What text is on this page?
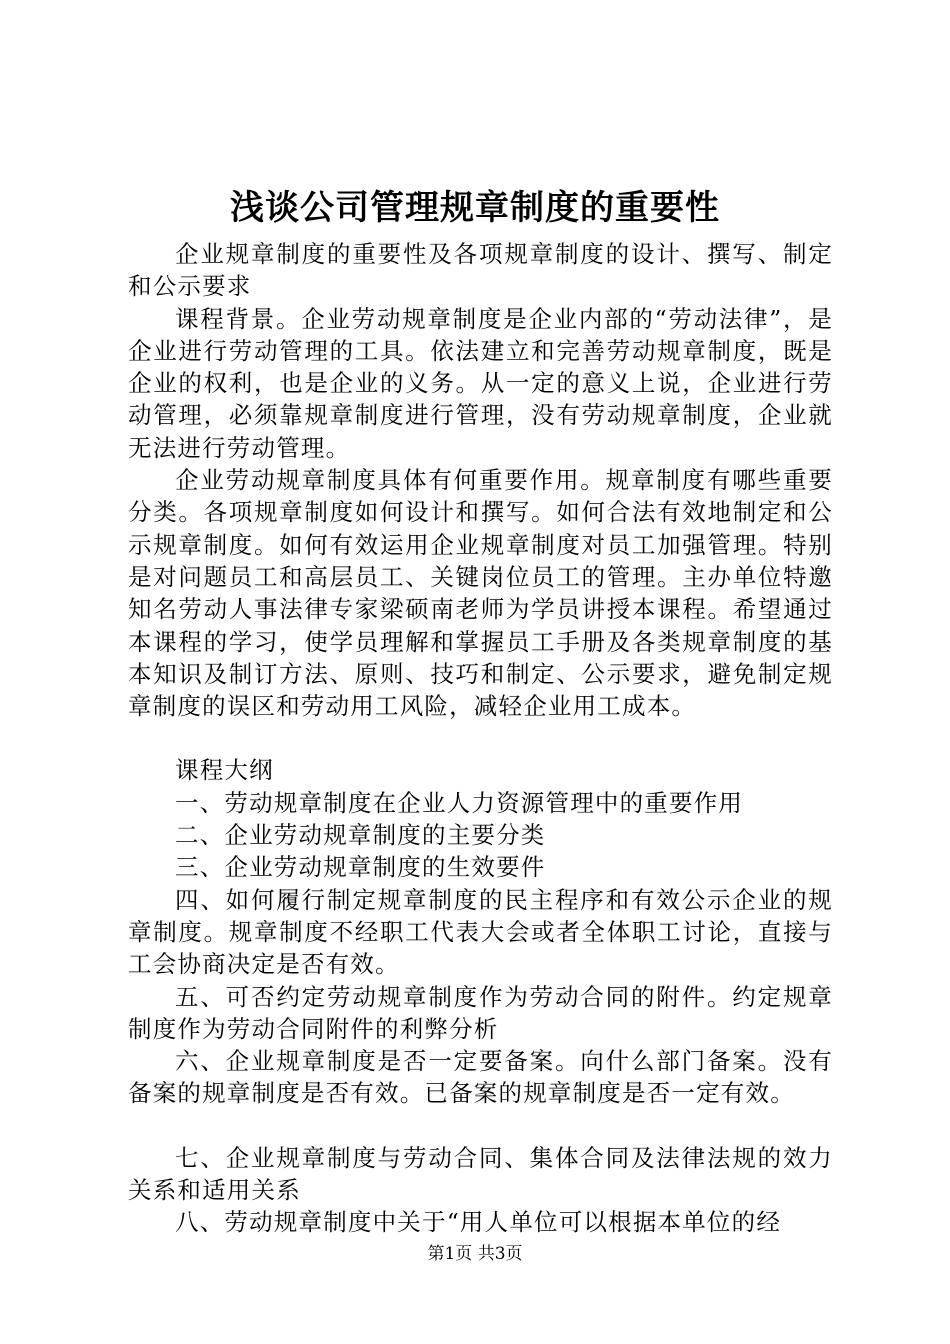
浅谈公司管理规章制度的重要性

企业规章制度的重要性及各项规章制度的设计、撰写、制定和公示要求

课程背景。企业劳动规章制度是企业内部的“劳动法律”，是企业进行劳动管理的工具。依法建立和完善劳动规章制度，既是企业的权利，也是企业的义务。从一定的意义上说，企业进行劳动管理，必须靠规章制度进行管理，没有劳动规章制度，企业就无法进行劳动管理。

企业劳动规章制度具体有何重要作用。规章制度有哪些重要分类。各项规章制度如何设计和撰写。如何合法有效地制定和公示规章制度。如何有效运用企业规章制度对员工加强管理。特别是对问题员工和高层员工、关键岗位员工的管理。主办单位特邀知名劳动人事法律专家梁硕南老师为学员讲授本课程。希望通过本课程的学习，使学员理解和掌握员工手册及各类规章制度的基本知识及制订方法、原则、技巧和制定、公示要求，避免制定规章制度的误区和劳动用工风险，减轻企业用工成本。

课程大纲

一、劳动规章制度在企业人力资源管理中的重要作用

二、企业劳动规章制度的主要分类

三、企业劳动规章制度的生效要件

四、如何履行制定规章制度的民主程序和有效公示企业的规章制度。规章制度不经职工代表大会或者全体职工讨论，直接与工会协商决定是否有效。

五、可否约定劳动规章制度作为劳动合同的附件。约定规章制度作为劳动合同附件的利弊分析

六、企业规章制度是否一定要备案。向什么部门备案。没有备案的规章制度是否有效。已备案的规章制度是否一定有效。

七、企业规章制度与劳动合同、集体合同及法律法规的效力关系和适用关系

八、劳动规章制度中关于“用人单位可以根据本单位的经

第1页 共3页
